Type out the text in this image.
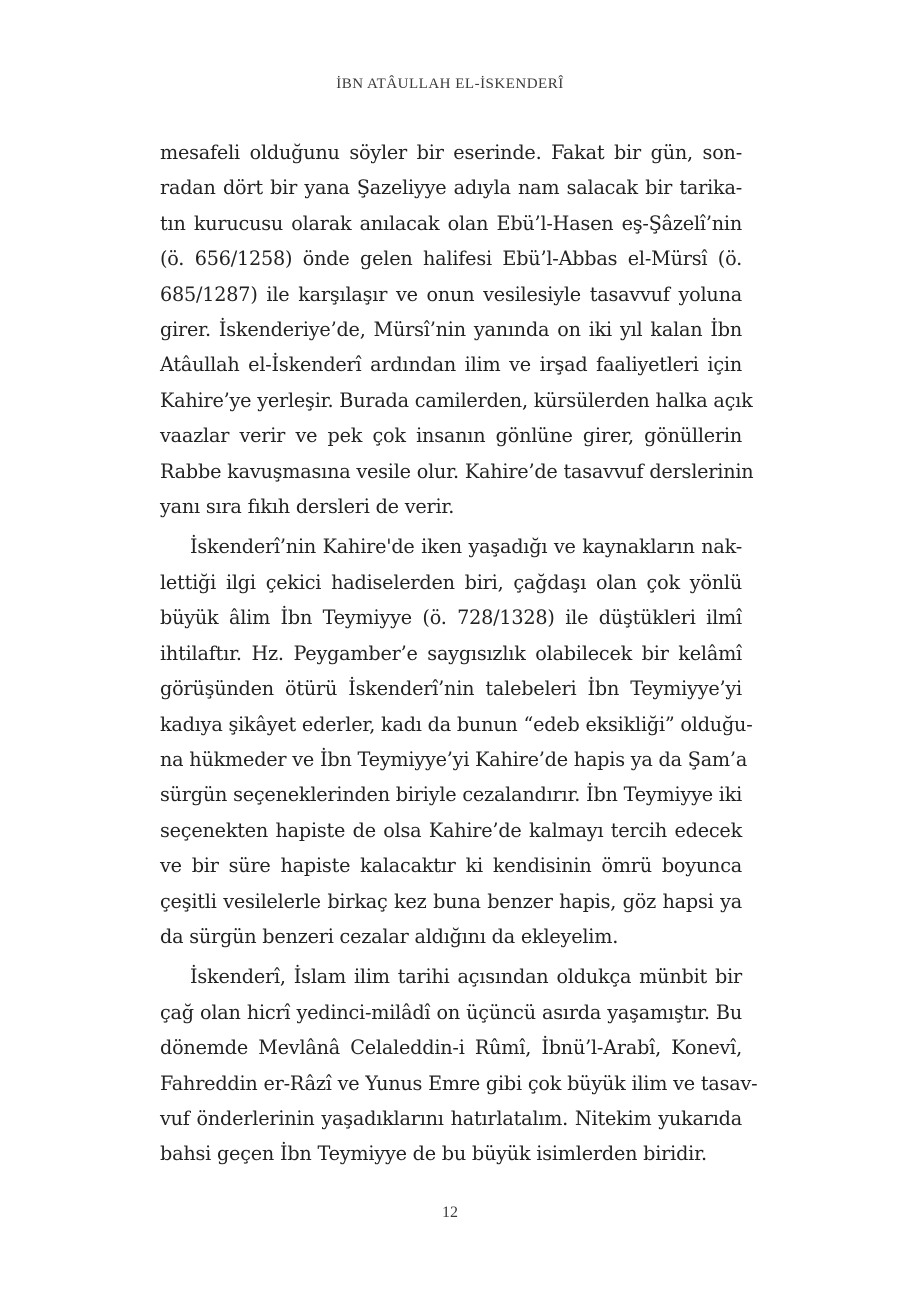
İBN ATÂULLAH EL-İSKENDERÎ

mesafeli olduğunu söyler bir eserinde. Fakat bir gün, son-
radan dört bir yana Şazeliyye adıyla nam salacak bir tarika-
tın kurucusu olarak anılacak olan Ebü’l-Hasen eş-Şâzelî’nin
(ö. 656/1258) önde gelen halifesi Ebü’l-Abbas el-Mürsî (ö.
685/1287) ile karşılaşır ve onun vesilesiyle tasavvuf yoluna
girer. İskenderiye’de, Mürsî’nin yanında on iki yıl kalan İbn
Atâullah el-İskenderî ardından ilim ve irşad faaliyetleri için
Kahire’ye yerleşir. Burada camilerden, kürsülerden halka açık
vaazlar verir ve pek çok insanın gönlüne girer, gönüllerin
Rabbe kavuşmasına vesile olur. Kahire’de tasavvuf derslerinin
yanı sıra fıkıh dersleri de verir.

İskenderî’nin Kahire'de iken yaşadığı ve kaynakların nak-
lettiği ilgi çekici hadiselerden biri, çağdaşı olan çok yönlü
büyük âlim İbn Teymiyye (ö. 728/1328) ile düştükleri ilmî
ihtilaftır. Hz. Peygamber’e saygısızlık olabilecek bir kelâmî
görüşünden ötürü İskenderî’nin talebeleri İbn Teymiyye’yi
kadıya şikâyet ederler, kadı da bunun “edeb eksikliği” olduğu-
na hükmeder ve İbn Teymiyye’yi Kahire’de hapis ya da Şam’a
sürgün seçeneklerinden biriyle cezalandırır. İbn Teymiyye iki
seçenekten hapiste de olsa Kahire’de kalmayı tercih edecek
ve bir süre hapiste kalacaktır ki kendisinin ömrü boyunca
çeşitli vesilelerle birkaç kez buna benzer hapis, göz hapsi ya
da sürgün benzeri cezalar aldığını da ekleyelim.

İskenderî, İslam ilim tarihi açısından oldukça münbit bir
çağ olan hicrî yedinci-milâdî on üçüncü asırda yaşamıştır. Bu
dönemde Mevlânâ Celaleddin-i Rûmî, İbnü’l-Arabî, Konevî,
Fahreddin er-Râzî ve Yunus Emre gibi çok büyük ilim ve tasav-
vuf önderlerinin yaşadıklarını hatırlatalım. Nitekim yukarıda
bahsi geçen İbn Teymiyye de bu büyük isimlerden biridir.

12
